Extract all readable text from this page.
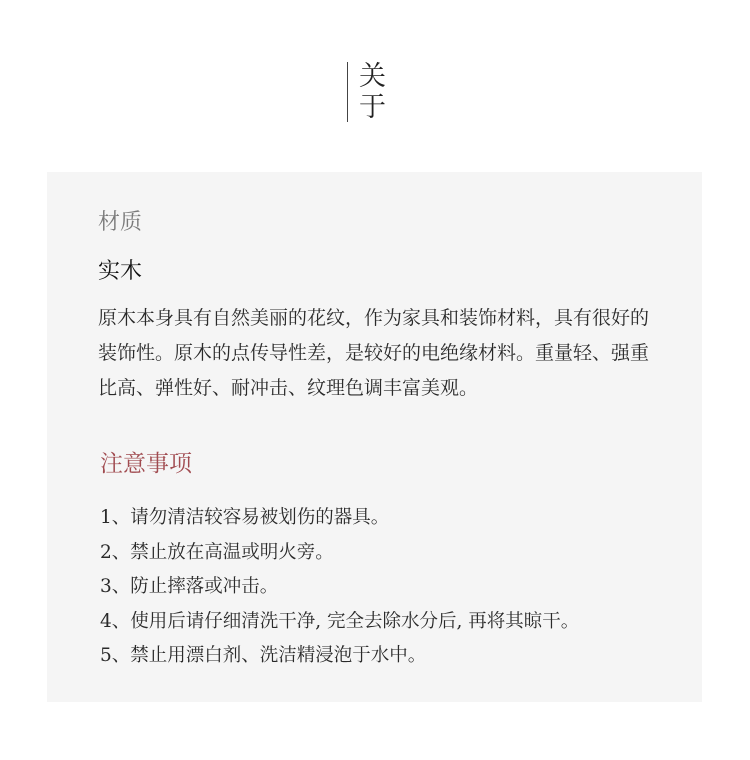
关于
材质
实木
原木本身具有自然美丽的花纹，作为家具和装饰材料，具有很好的装饰性。原木的点传导性差，是较好的电绝缘材料。重量轻、强重比高、弹性好、耐冲击、纹理色调丰富美观。
注意事项
1、请勿清洁较容易被划伤的器具。
2、禁止放在高温或明火旁。
3、防止摔落或冲击。
4、使用后请仔细清洗干净, 完全去除水分后, 再将其晾干。
5、禁止用漂白剂、洗洁精浸泡于水中。
